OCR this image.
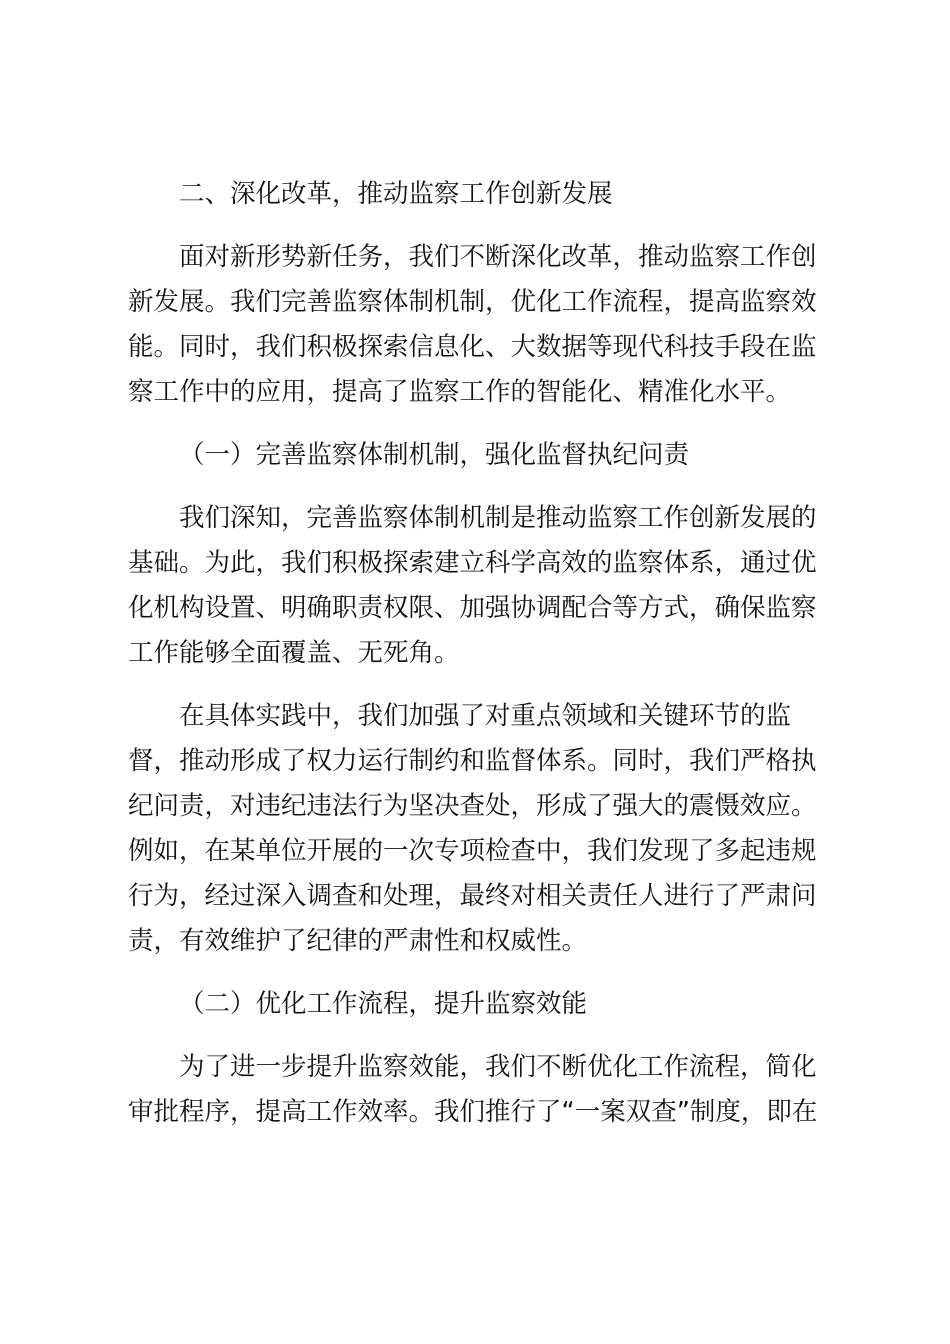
二、深化改革，推动监察工作创新发展

面对新形势新任务，我们不断深化改革，推动监察工作创

新发展。我们完善监察体制机制，优化工作流程，提高监察效

能。同时，我们积极探索信息化、大数据等现代科技手段在监

察工作中的应用，提高了监察工作的智能化、精准化水平。

（一）完善监察体制机制，强化监督执纪问责

我们深知，完善监察体制机制是推动监察工作创新发展的

基础。为此，我们积极探索建立科学高效的监察体系，通过优

化机构设置、明确职责权限、加强协调配合等方式，确保监察

工作能够全面覆盖、无死角。

在具体实践中，我们加强了对重点领域和关键环节的监

督，推动形成了权力运行制约和监督体系。同时，我们严格执

纪问责，对违纪违法行为坚决查处，形成了强大的震慑效应。

例如，在某单位开展的一次专项检查中，我们发现了多起违规

行为，经过深入调查和处理，最终对相关责任人进行了严肃问

责，有效维护了纪律的严肃性和权威性。

（二）优化工作流程，提升监察效能

为了进一步提升监察效能，我们不断优化工作流程，简化

审批程序，提高工作效率。我们推行了“一案双查”制度，即在
